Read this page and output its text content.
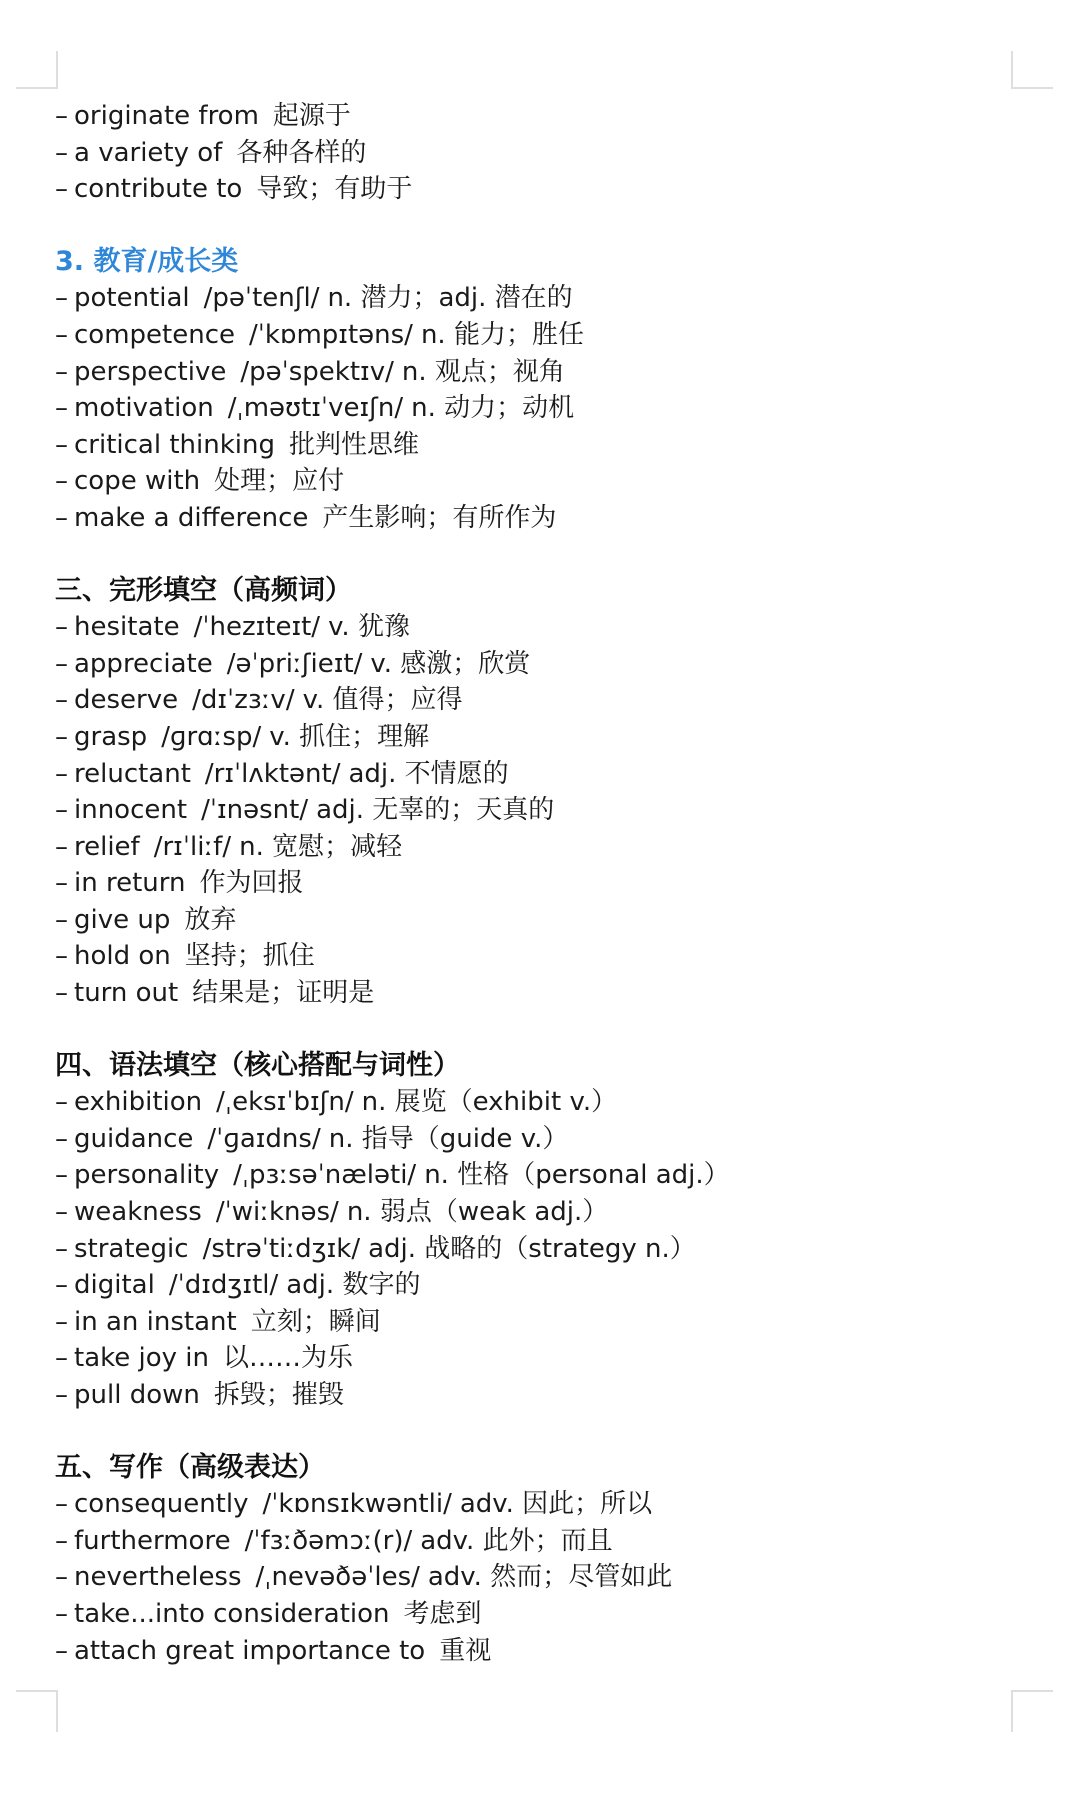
– originate from 起源于
– a variety of 各种各样的
– contribute to 导致；有助于
3. 教育/成长类
– potential /pəˈtenʃl/ n. 潜力；adj. 潜在的
– competence /ˈkɒmpɪtəns/ n. 能力；胜任
– perspective /pəˈspektɪv/ n. 观点；视角
– motivation /ˌməʊtɪˈveɪʃn/ n. 动力；动机
– critical thinking 批判性思维
– cope with 处理；应付
– make a difference 产生影响；有所作为
三、完形填空（高频词）
– hesitate /ˈhezɪteɪt/ v. 犹豫
– appreciate /əˈpriːʃieɪt/ v. 感激；欣赏
– deserve /dɪˈzɜːv/ v. 值得；应得
– grasp /ɡrɑːsp/ v. 抓住；理解
– reluctant /rɪˈlʌktənt/ adj. 不情愿的
– innocent /ˈɪnəsnt/ adj. 无辜的；天真的
– relief /rɪˈliːf/ n. 宽慰；减轻
– in return 作为回报
– give up 放弃
– hold on 坚持；抓住
– turn out 结果是；证明是
四、语法填空（核心搭配与词性）
– exhibition /ˌeksɪˈbɪʃn/ n. 展览（exhibit v.）
– guidance /ˈɡaɪdns/ n. 指导（guide v.）
– personality /ˌpɜːsəˈnæləti/ n. 性格（personal adj.）
– weakness /ˈwiːknəs/ n. 弱点（weak adj.）
– strategic /strəˈtiːdʒɪk/ adj. 战略的（strategy n.）
– digital /ˈdɪdʒɪtl/ adj. 数字的
– in an instant 立刻；瞬间
– take joy in 以……为乐
– pull down 拆毁；摧毁
五、写作（高级表达）
– consequently /ˈkɒnsɪkwəntli/ adv. 因此；所以
– furthermore /ˈfɜːðəmɔː(r)/ adv. 此外；而且
– nevertheless /ˌnevəðəˈles/ adv. 然而；尽管如此
– take...into consideration 考虑到
– attach great importance to 重视
